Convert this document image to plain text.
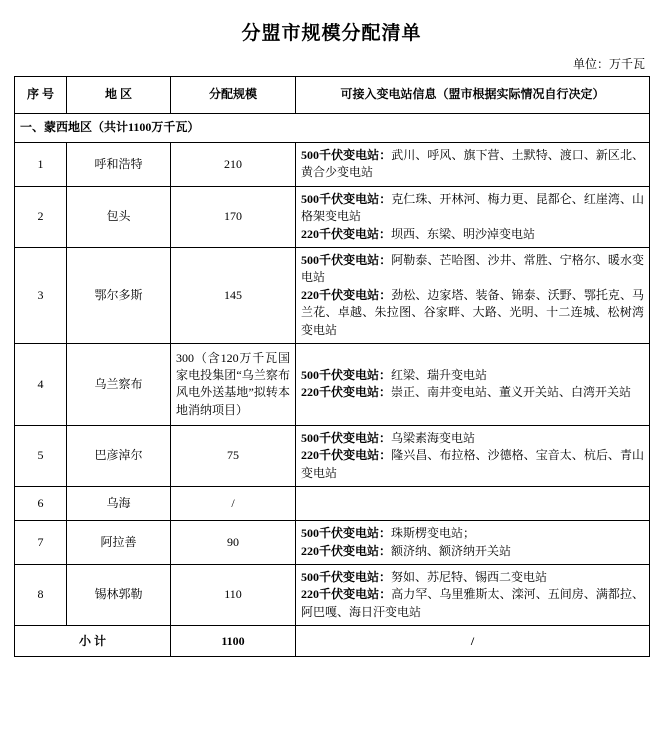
分盟市规模分配清单
单位：万千瓦
序 号	地 区	分配规模	可接入变电站信息（盟市根据实际情况自行决定）
一、蒙西地区（共计1100万千瓦）			
1	呼和浩特	210	500千伏变电站：武川、呼风、旗下营、土默特、渡口、新区北、黄合少变电站

2	包头	170	500千伏变电站：克仁珠、开林河、梅力更、昆都仑、红崖湾、山格架变电站
220千伏变电站：坝西、东梁、明沙淖变电站

3	鄂尔多斯	145	500千伏变电站：阿勒泰、芒哈图、沙井、常胜、宁格尔、暖水变电站
220千伏变电站：劲松、边家塔、装备、锦泰、沃野、鄂托克、马兰花、卓越、朱拉图、谷家畔、大路、光明、十二连城、松树湾变电站

4	乌兰察布	300（含120万千瓦国家电投集团“乌兰察布风电外送基地”拟转本地消纳项目）	500千伏变电站：红梁、瑞升变电站
220千伏变电站：崇正、南井变电站、董义开关站、白湾开关站

5	巴彦淖尔	75	500千伏变电站：乌梁素海变电站
220千伏变电站：隆兴昌、布拉格、沙德格、宝音太、杭后、青山变电站

6	乌海	/	
7	阿拉善	90	500千伏变电站：珠斯楞变电站；
220千伏变电站：额济纳、额济纳开关站

8	锡林郭勒	110	500千伏变电站：努如、苏尼特、锡西二变电站
220千伏变电站：高力罕、乌里雅斯太、滦河、五间房、满都拉、阿巴嘎、海日汗变电站

小 计		1100	/
